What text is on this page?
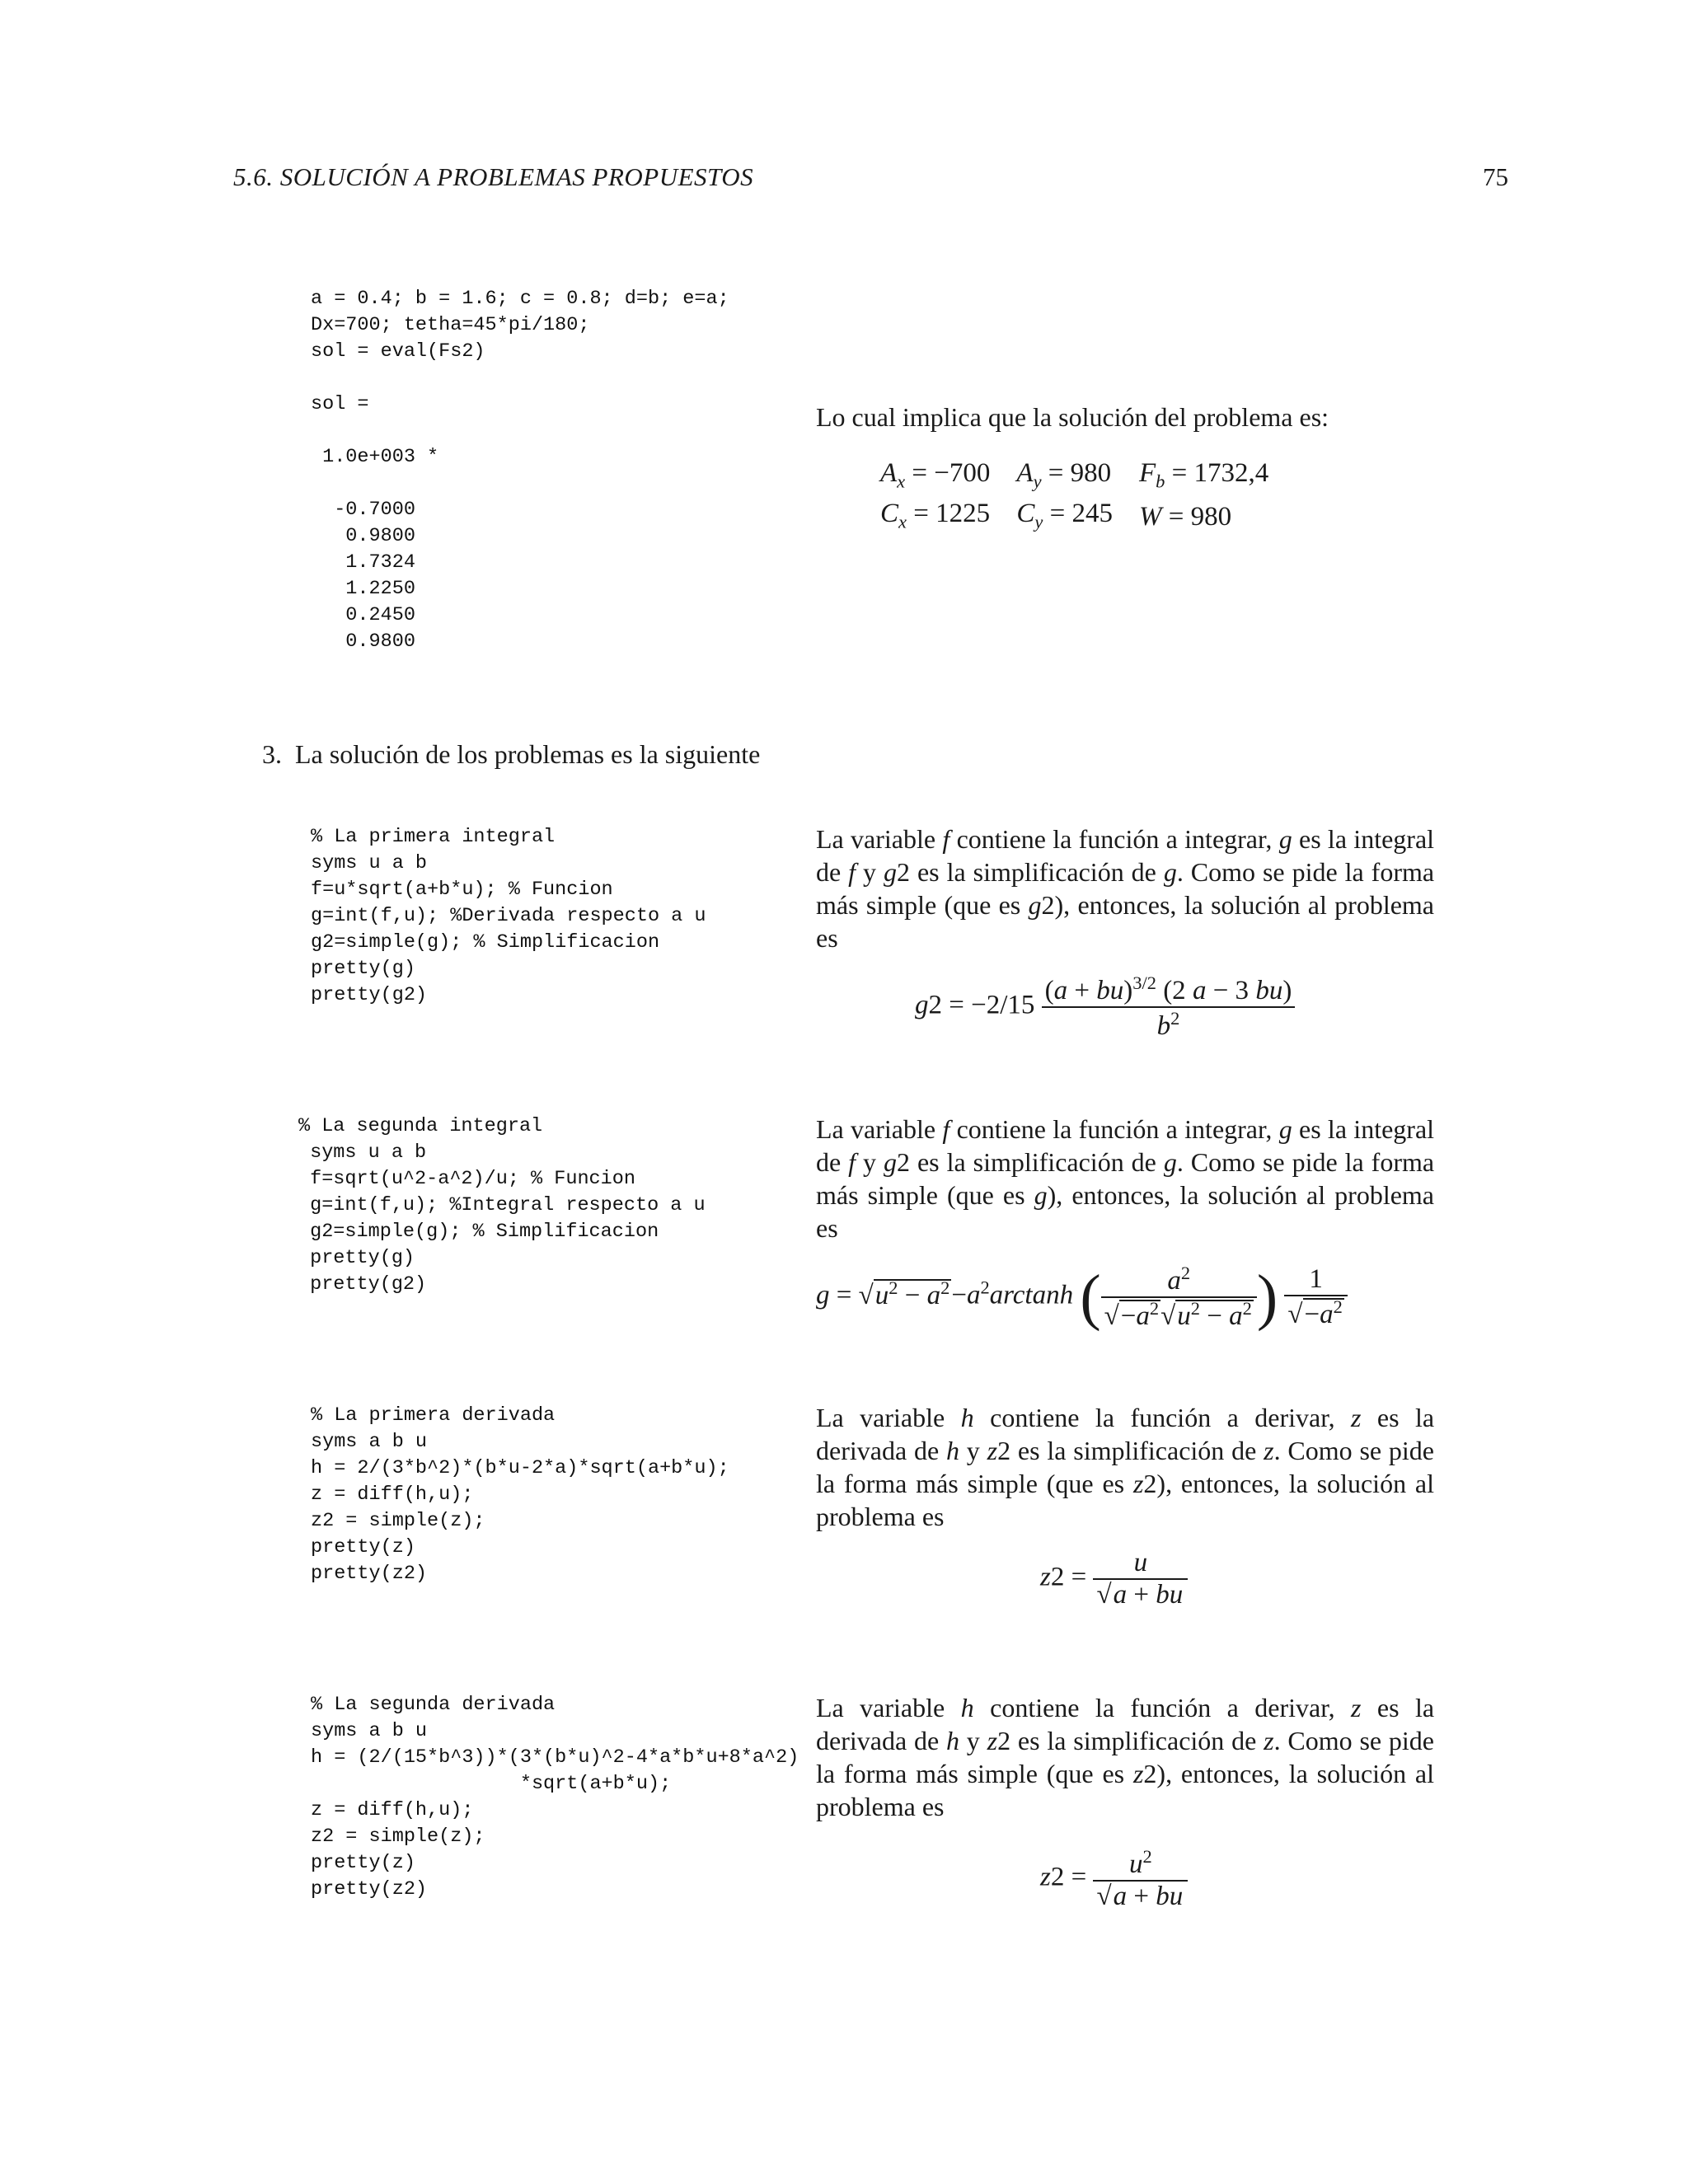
5.6. SOLUCIÓN A PROBLEMAS PROPUESTOS	75
a = 0.4; b = 1.6; c = 0.8; d=b; e=a;
Dx=700; tetha=45*pi/180;
sol = eval(Fs2)

sol =

1.0e+003 *

-0.7000
0.9800
1.7324
1.2250
0.2450
0.9800
Lo cual implica que la solución del problema es:
$A_x = -700$	$A_y = 980$	$F_b = 1732,4$
$C_x = 1225$	$C_y = 245$	W = 980
3. La solución de los problemas es la siguiente
% La primera integral
syms u a b
f=u*sqrt(a+b*u); % Funcion
g=int(f,u); %Derivada respecto a u
g2=simple(g); % Simplificacion
pretty(g)
pretty(g2)
La variable f contiene la función a integrar, g es la integral de f y g2 es la simplificación de g. Como se pide la forma más simple (que es g2), entonces, la solución al problema es
$g2 = -2/15 \frac{(a + bu)^{3/2} (2 a - 3 bu)}{b^2}$
% La segunda integral
syms u a b
f=sqrt(u^2-a^2)/u; % Funcion
g=int(f,u); %Integral respecto a u
g2=simple(g); % Simplificacion
pretty(g)
pretty(g2)
La variable f contiene la función a integrar, g es la integral de f y g2 es la simplificación de g. Como se pide la forma más simple (que es g), entonces, la solución al problema es
$g = √u^2 - a^2-a^2\arctan h$ ( $\frac{a^2}{√-a^2√u^2 - a^2}$ ) $\frac{1}{√-a^2}$
% La primera derivada
syms a b u
h = 2/(3*b^2)*(b*u-2*a)*sqrt(a+b*u);
z = diff(h,u);
z2 = simple(z);
pretty(z)
pretty(z2)
La variable h contiene la función a derivar, z es la derivada de h y z2 es la simplificación de z. Como se pide la forma más simple (que es z2), entonces, la solución al problema es
$z2 = \frac{u}{√a + bu}$
% La segunda derivada
syms a b u
h = (2/(15*b^3))*(3*(b*u)^2-4*a*b*u+8*a^2)
*sqrt(a+b*u);
z = diff(h,u);
z2 = simple(z);
pretty(z)
pretty(z2)
La variable h contiene la función a derivar, z es la derivada de h y z2 es la simplificación de z. Como se pide la forma más simple (que es z2), entonces, la solución al problema es
$z2 = \frac{u^2}{√a + bu}$
